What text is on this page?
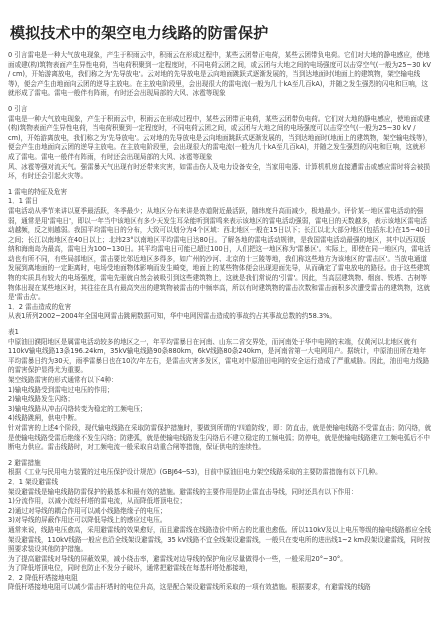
模拟技术中的架空电力线路的防雷保护

0 引言雷电是一种大气放电现象，产生于积雨云中，积雨云在形成过程中，某些云团带正电荷，某些云团带负电荷。它们对大地的静电感应，使地面或建(构)筑物表面产生异性电荷，当电荷积聚到一定程度时，不同电荷云团之间，或云团与大地之间的电场强度可以击穿空气(一般为25~30 kV / cm)，开始游离放电，我们称之为'先导放电'。云对地的先导放电是云向地面跳跃式逐渐发展的，当到达地面时(地面上的建筑物，架空输电线等)，便会产生由地面向云团的逆导主放电。在主放电阶段里，会出现很大的雷电流(一般为几十kA至几百kA)，并随之发生强烈的闪电和巨响，这就形成了雷电。雷电一般伴有阵雨，有时还会出现局部的大风、冰雹等现象

0 引言

雷电是一种大气放电现象，产生于积雨云中，积雨云在形成过程中，某些云团带正电荷，某些云团带负电荷。它们对大地的静电感应，使地面或建(构)筑物表面产生异性电荷，当电荷积聚到一定程度时，不同电荷云团之间，或云团与大地之间的电场强度可以击穿空气(一般为25~30 kV / cm)，开始游离放电，我们称之为'先导放电'。云对地的先导放电是云向地面跳跃式逐渐发展的，当到达地面时(地面上的建筑物，架空输电线等)，便会产生由地面向云团的逆导主放电。在主放电阶段里，会出现很大的雷电流(一般为几十kA至几百kA)，并随之发生强烈的闪电和巨响，这就形成了雷电。雷电一般伴有阵雨，有时还会出现局部的大风、冰雹等现象

风、冰雹等强对流天气。强雷暴天气出现有时还带来灾害，如雷击伤人及电力设备安全，当家用电器、计算机机房直接遭雷击或感应雷时将会被损坏，有时还会引起火灾等。

1 雷电的特征及危害

1．1 雷日

雷电活动从季节来讲以夏季最活跃，冬季最少；从地区分布来讲是赤道附近最活跃，随纬度升高而减少，极地最少。评价某一地区雷电活动的强弱，通常是用'雷电日'，即以一年当中该地区有多少天发生耳朵能听到雷鸣来表示该地区的雷电活动强弱，雷电日的天数越多，表示该地区雷电活动越频，反之则越弱。我国平均雷电日的分布，大致可以划分为4个区域：西北地区一般在15日以下；长江以北大部分地区(包括东北)在15~40日之间；长江以南地区在40日以上；北纬23°以南地区平均雷电日达80日。了解各地的雷电活动规律，是我国雷电活动最强的地区，其中以西双版纳和海南岛为最高，雷电日为100~130日。其平均雷电日可能已超过100日，人们把这一地区称为'雷暴区'。实际上，即使在同一地区内，雷电活动也有所不同，有些局部地区，雷击要比邻近地区多得多，如广州的沙河、北京的十三陵等地，我们称这些地方为该地区的'雷击区'。当放电通道发展到离地面的一定距离时，电场受地面物体影响而发生畸变，地面上的某些物体便会出现迎面先导，从而确定了雷电放电的路径。由于这些建筑物的实质具有较大的电场强度，雷电先驱就自然会被吸引到这些建筑物上，这就是我们常说的'引雷'。因此，当高层建筑物、烟囱、铁塔、古树等物体出现在某些地区时，其往往在具有最高突出的建筑物被雷击的中频率高，所以有时建筑物的雷击次数和雷击面积多次遭受雷击的建筑物，这就是'雷击点'。

1．2 雷击造成的危害

从表1所列2002~2004年全国电网雷击跳闸数据可知，华中电网因雷击造成的事故约占其事故总数的约58.3%。

表1

中原油田濮阳地区是属雷电活动较多的地区之一，年平均雷暴日在河南、山东二省交界处，而河南处于华中电网的末端，仅黄河以北地区就有110kV输电线路13条196.24km，35kV输电线路90条880km，6kV线路80条240km，是河南省第一大电网用户。据统计，中原油田所在地年平均雷暴日约为30天，雨季雷暴日也在10次/年左右，是雷击灾害多发区，雷电对中原油田电网的安全运行造成了严重威胁。因此，油田电力线路的雷害保护显得尤为重要。

架空线路雷害的形式通常有以下4种：

1)输电线路受到雷电过电压的作用；

2)输电线路发生闪络；

3)输电线路从冲击闪络转变为稳定的工频电压；

4)线路跳闸，供电中断。

针对雷害的上述4个阶段，现代输电线路在采取防雷保护措施时，要做到所谓的'四道防线'，即：防直击，就是使输电线路不受雷直击；防闪络，就是使输电线路受雷后绝缘不发生闪络；防建弧，就是使输电线路发生闪络后不建立稳定的工频电弧；防停电，就是使输电线路建立工频电弧后不中断电力供应。雷击线路时，对工频电流一般采取自动重合闸等措施，保证供电的连续性。

2 避雷措施

根据《工业与民用电力装置的过电压保护设计规范》(GBJ64─S3)，目前中原油田电力架空线路采取的主要防雷措施有以下几种。

2．1 架设避雷线

架设避雷线是输电线路防雷保护的最基本和最有效的措施。避雷线的主要作用是防止雷直击导线，同时还具有以下作用：

1)分流作用，以减小流经杆塔的雷电流，从而降低塔顶电位；

2)通过对导线的耦合作用可以减小线路绝缘子的电压；

3)对导线的屏蔽作用还可以降低导线上的感应过电压。

通常来说，线路电压愈高，采用避雷线的效果愈好，而且避雷线在线路造价中所占的比重也愈低。所以110kV及以上电压等级的输电线路都应全线架设避雷线，110kV线路一般应也沿全线架设避雷线，35 kV线路不宜全线架设避雷线，一般只在变电所的进出线1~2 km段架设避雷线，同时按照要求装设其他防护措施。

为了提高避雷线对导线的屏蔽效果，减小绕击率，避雷线对边导线的保护角应尽量做得小一些，一般采用20°~30°。

为了降低塔顶电位，同时也防止不发分子破坏，通常把避雷线在每基杆塔处都接地，

2．2 降低杆塔接地电阻

降低杆塔接地电阻可以减少雷击杆塔时的电位升高，这是配合架设避雷线所采取的一项有效措施。根据要求，有避雷线的线路
